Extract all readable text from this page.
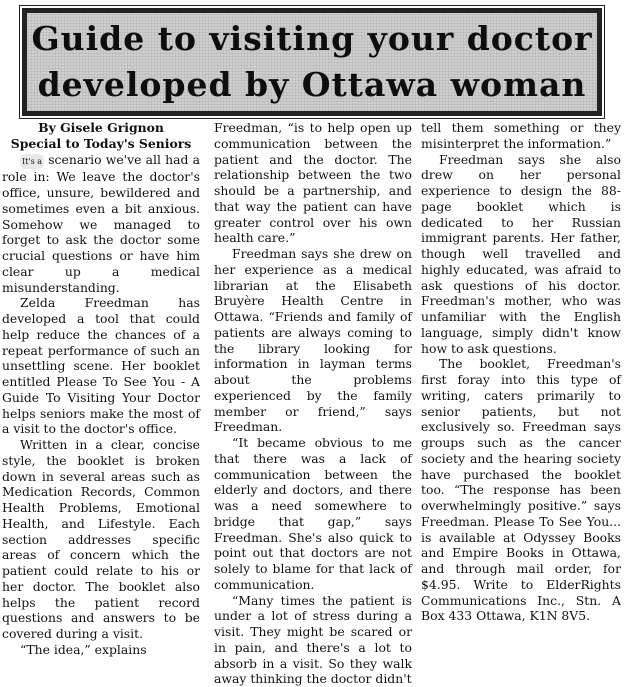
Guide to visiting your doctor
developed by Ottawa woman
By Gisele Grignon
Special to Today's Seniors

It's a scenario we've all had a role in: We leave the doctor's office, unsure, bewildered and sometimes even a bit anxious. Somehow we managed to forget to ask the doctor some crucial questions or have him clear up a medical misunderstanding.

Zelda Freedman has developed a tool that could help reduce the chances of a repeat performance of such an unsettling scene. Her booklet entitled Please To See You - A Guide To Visiting Your Doctor helps seniors make the most of a visit to the doctor's office.

Written in a clear, concise style, the booklet is broken down in several areas such as Medication Records, Common Health Problems, Emotional Health, and Lifestyle. Each section addresses specific areas of concern which the patient could relate to his or her doctor. The booklet also helps the patient record questions and answers to be covered during a visit.

“The idea,” explains

Freedman, “is to help open up communication between the patient and the doctor. The relationship between the two should be a partnership, and that way the patient can have greater control over his own health care.”

Freedman says she drew on her experience as a medical librarian at the Elisabeth Bruyère Health Centre in Ottawa. “Friends and family of patients are always coming to the library looking for information in layman terms about the problems experienced by the family member or friend,” says Freedman.

“It became obvious to me that there was a lack of communication between the elderly and doctors, and there was a need somewhere to bridge that gap,” says Freedman. She's also quick to point out that doctors are not solely to blame for that lack of communication.

“Many times the patient is under a lot of stress during a visit. They might be scared or in pain, and there's a lot to absorb in a visit. So they walk away thinking the doctor didn't

tell them something or they misinterpret the information.”

Freedman says she also drew on her personal experience to design the 88-page booklet which is dedicated to her Russian immigrant parents. Her father, though well travelled and highly educated, was afraid to ask questions of his doctor. Freedman's mother, who was unfamiliar with the English language, simply didn't know how to ask questions.

The booklet, Freedman's first foray into this type of writing, caters primarily to senior patients, but not exclusively so. Freedman says groups such as the cancer society and the hearing society have purchased the booklet too. “The response has been overwhelmingly positive.” says Freedman. Please To See You... is available at Odyssey Books and Empire Books in Ottawa, and through mail order, for $4.95. Write to ElderRights Communications Inc., Stn. A Box 433 Ottawa, K1N 8V5.
